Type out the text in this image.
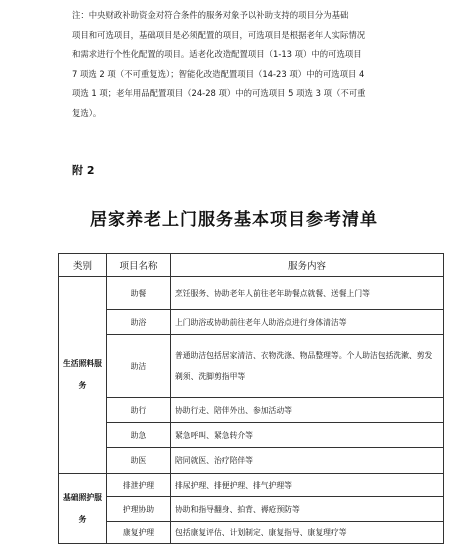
注：中央财政补助资金对符合条件的服务对象予以补助支持的项目分为基础

项目和可选项目，基础项目是必须配置的项目，可选项目是根据老年人实际情况

和需求进行个性化配置的项目。适老化改造配置项目（1-13 项）中的可选项目

7 项选 2 项（不可重复选）；智能化改造配置项目（14-23 项）中的可选项目 4

项选 1 项；老年用品配置项目（24-28 项）中的可选项目 5 项选 3 项（不可重

复选）。

附 2
居家养老上门服务基本项目参考清单
类别	项目名称	服务内容
生活照料服务	助餐	烹饪服务、协助老年人前往老年助餐点就餐、送餐上门等
	助浴	上门助浴或协助前往老年人助浴点进行身体清洁等
	助洁	普通助洁包括居家清洁、衣物洗涤、物品整理等。个人助洁包括洗漱、剪发剃须、洗脚剪指甲等
	助行	协助行走、陪伴外出、参加活动等
	助急	紧急呼叫、紧急转介等
	助医	陪同就医、治疗陪伴等
基础照护服务	排泄护理	排尿护理、排便护理、排气护理等
	护理协助	协助和指导翻身、拍背、褥疮预防等
	康复护理	包括康复评估、计划制定、康复指导、康复理疗等
